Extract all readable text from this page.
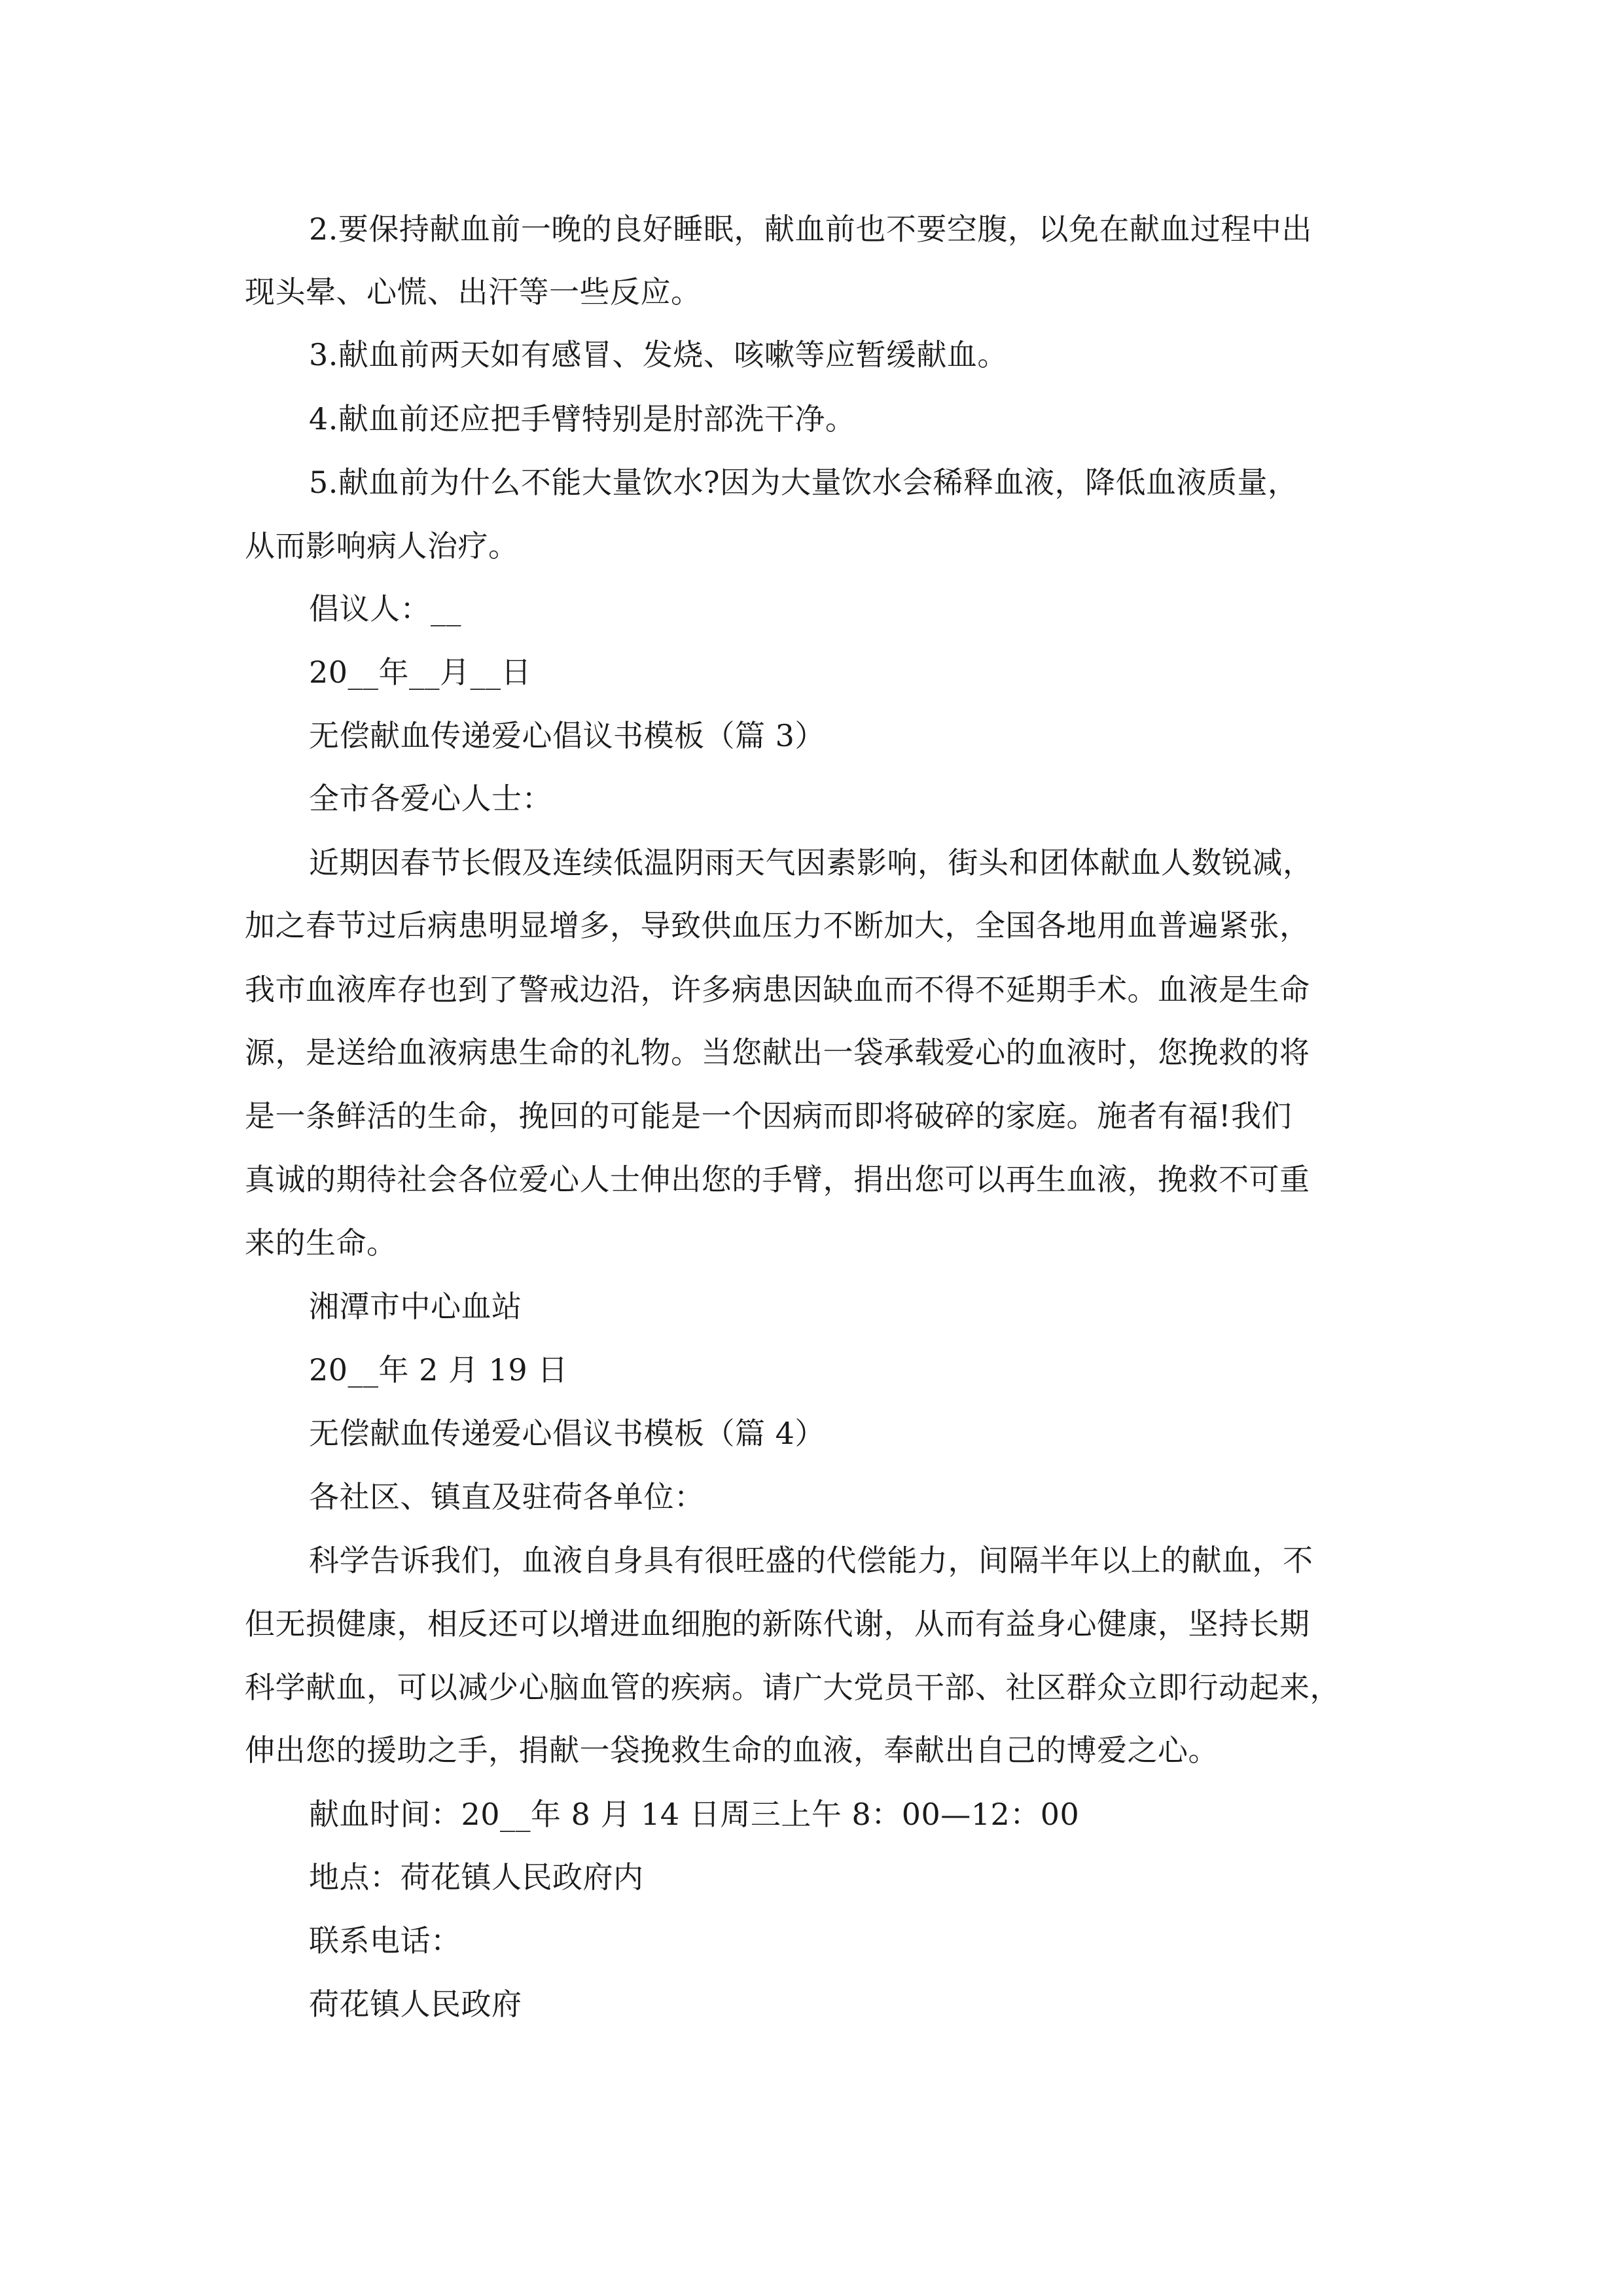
2.要保持献血前一晚的良好睡眠，献血前也不要空腹，以免在献血过程中出
现头晕、心慌、出汗等一些反应。
3.献血前两天如有感冒、发烧、咳嗽等应暂缓献血。
4.献血前还应把手臂特别是肘部洗干净。
5.献血前为什么不能大量饮水?因为大量饮水会稀释血液，降低血液质量，
从而影响病人治疗。
倡议人：__
20__年__月__日
无偿献血传递爱心倡议书模板（篇 3）
全市各爱心人士：
近期因春节长假及连续低温阴雨天气因素影响，街头和团体献血人数锐减，
加之春节过后病患明显增多，导致供血压力不断加大，全国各地用血普遍紧张，
我市血液库存也到了警戒边沿，许多病患因缺血而不得不延期手术。血液是生命
源，是送给血液病患生命的礼物。当您献出一袋承载爱心的血液时，您挽救的将
是一条鲜活的生命，挽回的可能是一个因病而即将破碎的家庭。施者有福!我们
真诚的期待社会各位爱心人士伸出您的手臂，捐出您可以再生血液，挽救不可重
来的生命。
湘潭市中心血站
20__年 2 月 19 日
无偿献血传递爱心倡议书模板（篇 4）
各社区、镇直及驻荷各单位：
科学告诉我们，血液自身具有很旺盛的代偿能力，间隔半年以上的献血，不
但无损健康，相反还可以增进血细胞的新陈代谢，从而有益身心健康，坚持长期
科学献血，可以减少心脑血管的疾病。请广大党员干部、社区群众立即行动起来，
伸出您的援助之手，捐献一袋挽救生命的血液，奉献出自己的博爱之心。
献血时间：20__年 8 月 14 日周三上午 8：00—12：00
地点：荷花镇人民政府内
联系电话：
荷花镇人民政府
